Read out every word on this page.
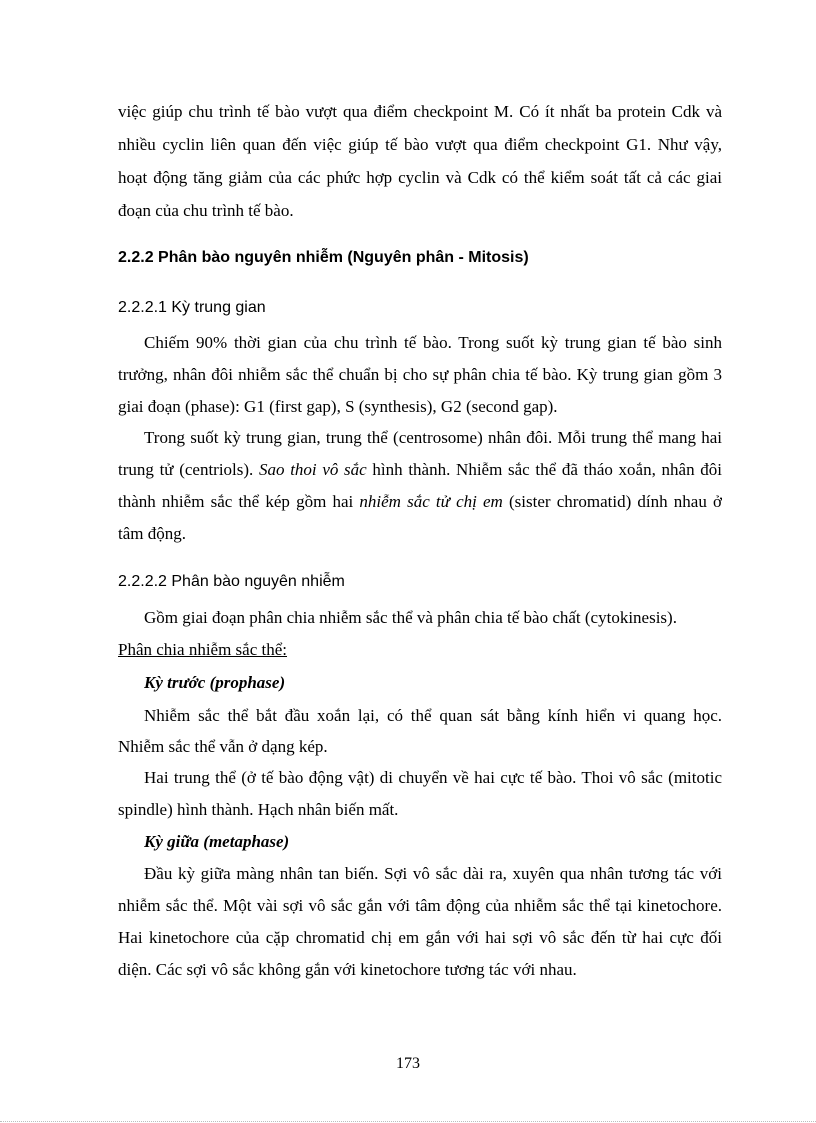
việc giúp chu trình tế bào vượt qua điểm checkpoint M. Có ít nhất ba protein Cdk và
nhiều cyclin liên quan đến việc giúp tế bào vượt qua điểm checkpoint G1. Như vậy,
hoạt động tăng giảm của các phức hợp cyclin và Cdk có thể kiểm soát tất cả các giai
đoạn của chu trình tế bào.
2.2.2 Phân bào nguyên nhiễm (Nguyên phân - Mitosis)
2.2.2.1 Kỳ trung gian
Chiếm 90% thời gian của chu trình tế bào. Trong suốt kỳ trung gian tế bào sinh
trưởng, nhân đôi nhiễm sắc thể chuẩn bị cho sự phân chia tế bào. Kỳ trung gian gồm 3
giai đoạn (phase): G1 (first gap), S (synthesis), G2 (second gap).
Trong suốt kỳ trung gian, trung thể (centrosome) nhân đôi. Mỗi trung thể mang hai
trung tử (centriols). Sao thoi vô sắc hình thành. Nhiễm sắc thể đã tháo xoắn, nhân đôi
thành nhiễm sắc thể kép gồm hai nhiễm sắc tử chị em (sister chromatid) dính nhau ở
tâm động.
2.2.2.2 Phân bào nguyên nhiễm
Gồm giai đoạn phân chia nhiễm sắc thể và phân chia tế bào chất (cytokinesis).
Phân chia nhiễm sắc thể:
Kỳ trước (prophase)
Nhiễm sắc thể bắt đầu xoắn lại, có thể quan sát bằng kính hiển vi quang học.
Nhiễm sắc thể vẫn ở dạng kép.
Hai trung thể (ở tế bào động vật) di chuyển về hai cực tế bào. Thoi vô sắc (mitotic
spindle) hình thành. Hạch nhân biến mất.
Kỳ giữa (metaphase)
Đầu kỳ giữa màng nhân tan biến. Sợi vô sắc dài ra, xuyên qua nhân tương tác với
nhiễm sắc thể. Một vài sợi vô sắc gắn với tâm động của nhiễm sắc thể tại kinetochore.
Hai kinetochore của cặp chromatid chị em gắn với hai sợi vô sắc đến từ hai cực đối
diện. Các sợi vô sắc không gắn với kinetochore tương tác với nhau.
173
